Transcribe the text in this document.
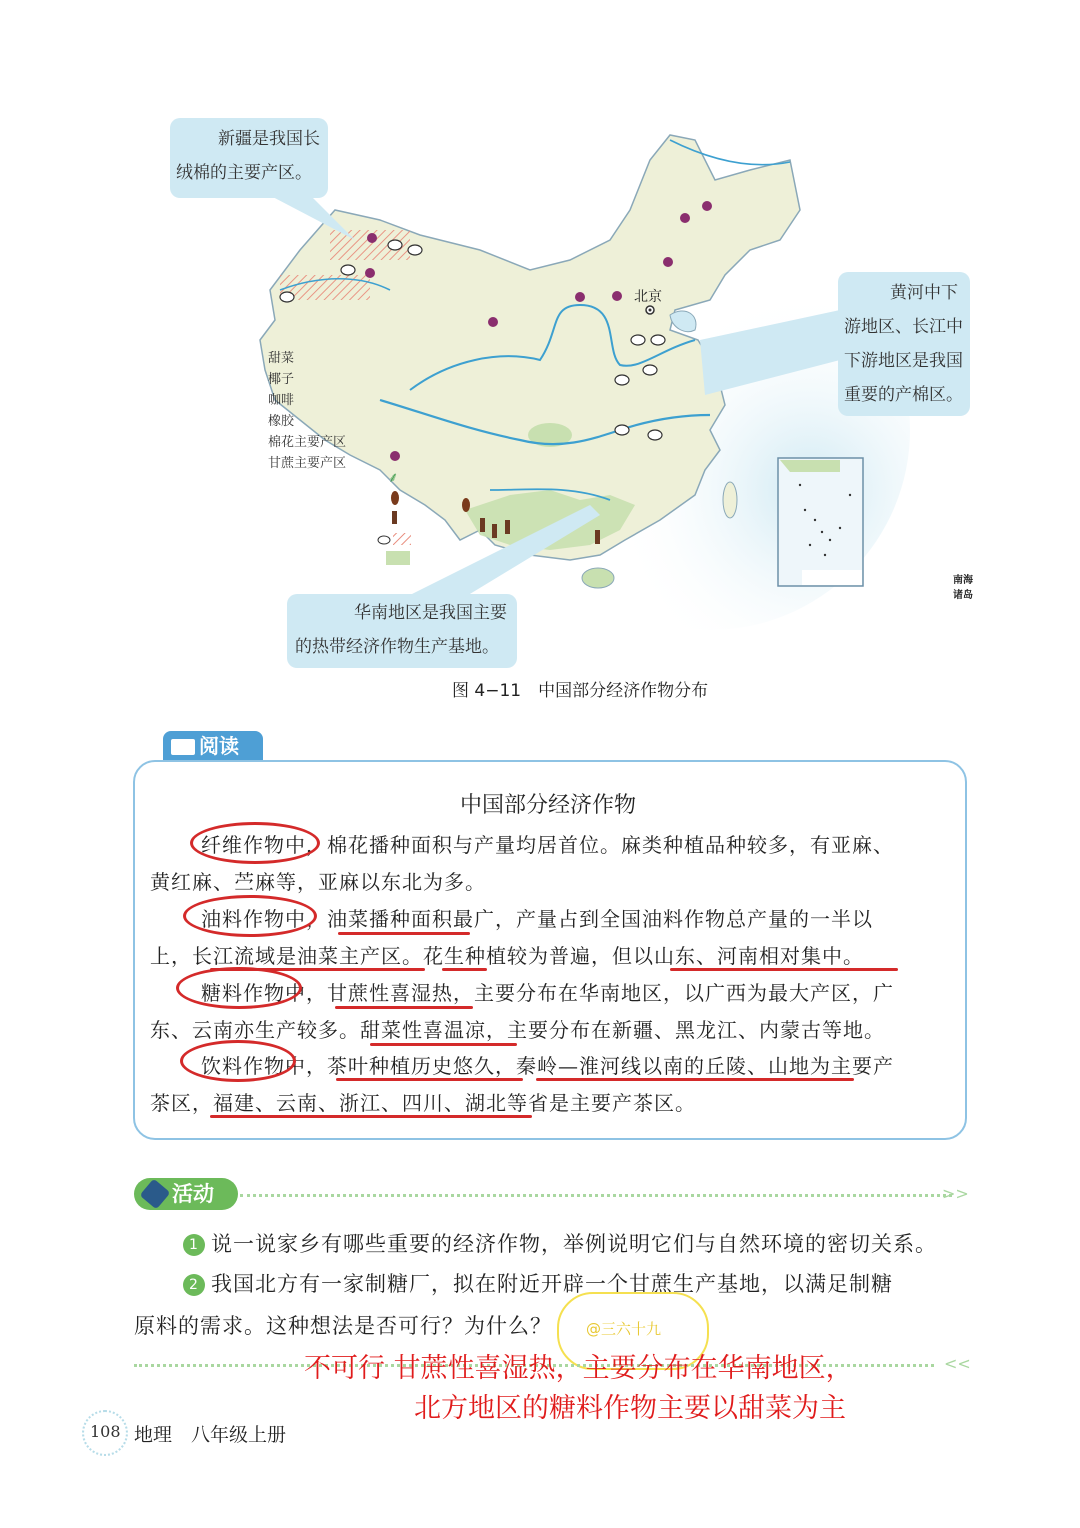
⸙
北京
南海诸岛
甜菜
椰子
咖啡
橡胶
棉花主要产区
甘蔗主要产区
新疆是我国长
绒棉的主要产区。
黄河中下
游地区、长江中
下游地区是我国
重要的产棉区。
华南地区是我国主要
的热带经济作物生产基地。
图 4−11　中国部分经济作物分布
阅读
中国部分经济作物
纤维作物中，棉花播种面积与产量均居首位。麻类种植品种较多，有亚麻、
黄红麻、苎麻等，亚麻以东北为多。
油料作物中，油菜播种面积最广，产量占到全国油料作物总产量的一半以
上，长江流域是油菜主产区。花生种植较为普遍，但以山东、河南相对集中。
糖料作物中，甘蔗性喜湿热，主要分布在华南地区，以广西为最大产区，广
东、云南亦生产较多。甜菜性喜温凉，主要分布在新疆、黑龙江、内蒙古等地。
饮料作物中，茶叶种植历史悠久，秦岭—淮河线以南的丘陵、山地为主要产
茶区，福建、云南、浙江、四川、湖北等省是主要产茶区。
活动	>>
1 说一说家乡有哪些重要的经济作物，举例说明它们与自然环境的密切关系。
2 我国北方有一家制糖厂，拟在附近开辟一个甘蔗生产基地，以满足制糖
原料的需求。这种想法是否可行？为什么？ @三六十九
<<
不可行 甘蔗性喜湿热，主要分布在华南地区，
北方地区的糖料作物主要以甜菜为主
108 地理　八年级上册
